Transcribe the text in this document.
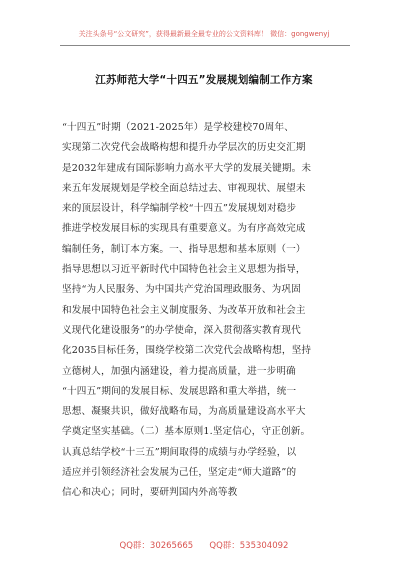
关注头条号“公文研究”，获得最新最全最专业的公文资料库！ 微信：gongwenyj
江苏师范大学“十四五”发展规划编制工作方案
“十四五”时期（2021-2025年）是学校建校70周年、
实现第二次党代会战略构想和提升办学层次的历史交汇期
是2032年建成有国际影响力高水平大学的发展关键期。未
来五年发展规划是学校全面总结过去、审视现状、展望未
来的顶层设计，科学编制学校“十四五”发展规划对稳步
推进学校发展目标的实现具有重要意义。为有序高效完成
编制任务，制订本方案。一、指导思想和基本原则（一）
指导思想以习近平新时代中国特色社会主义思想为指导，
坚持“为人民服务、为中国共产党治国理政服务、为巩固
和发展中国特色社会主义制度服务、为改革开放和社会主
义现代化建设服务”的办学使命，深入贯彻落实教育现代
化2035目标任务，围绕学校第二次党代会战略构想，坚持
立德树人，加强内涵建设，着力提高质量，进一步明确
“十四五”期间的发展目标、发展思路和重大举措，统一
思想、凝聚共识，做好战略布局，为高质量建设高水平大
学奠定坚实基础。（二）基本原则1.坚定信心，守正创新。
认真总结学校“十三五”期间取得的成绩与办学经验，以
适应并引领经济社会发展为己任，坚定走“师大道路”的
信心和决心；同时，要研判国内外高等教
QQ群：30265665      QQ群：535304092
